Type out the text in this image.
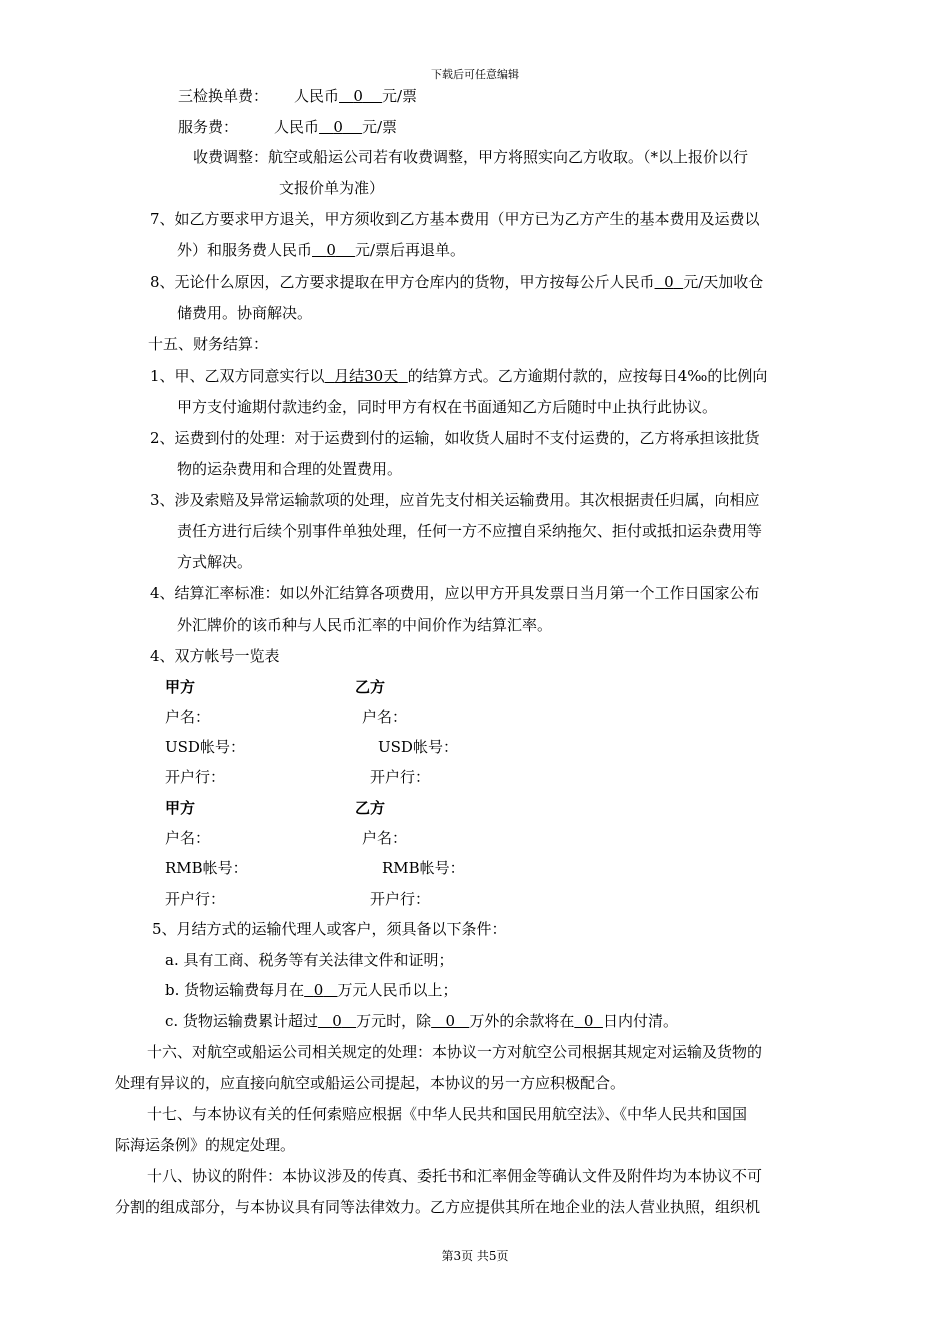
下载后可任意编辑
三检换单费： 人民币 0 元/票
服务费： 人民币 0 元/票
收费调整：航空或船运公司若有收费调整，甲方将照实向乙方收取。（*以上报价以行
文报价单为准）
7、如乙方要求甲方退关，甲方须收到乙方基本费用（甲方已为乙方产生的基本费用及运费以
外）和服务费人民币 0 元/票后再退单。
8、无论什么原因，乙方要求提取在甲方仓库内的货物，甲方按每公斤人民币 0 元/天加收仓
储费用。协商解决。
十五、财务结算：
1、甲、乙双方同意实行以 月结30天 的结算方式。乙方逾期付款的，应按每日4‰的比例向
甲方支付逾期付款违约金，同时甲方有权在书面通知乙方后随时中止执行此协议。
2、运费到付的处理：对于运费到付的运输，如收货人届时不支付运费的，乙方将承担该批货
物的运杂费用和合理的处置费用。
3、涉及索赔及异常运输款项的处理，应首先支付相关运输费用。其次根据责任归属，向相应
责任方进行后续个别事件单独处理，任何一方不应擅自采纳拖欠、拒付或抵扣运杂费用等
方式解决。
4、结算汇率标准：如以外汇结算各项费用，应以甲方开具发票日当月第一个工作日国家公布
外汇牌价的该币种与人民币汇率的中间价作为结算汇率。
4、双方帐号一览表
甲方	乙方
户名：	户名：
USD帐号：	USD帐号：
开户行：	开户行：
甲方	乙方
户名：	户名：
RMB帐号：	RMB帐号：
开户行：	开户行：
5、月结方式的运输代理人或客户，须具备以下条件：
a. 具有工商、税务等有关法律文件和证明；
b. 货物运输费每月在 0 万元人民币以上；
c. 货物运输费累计超过 0 万元时，除 0 万外的余款将在 0 日内付清。
十六、对航空或船运公司相关规定的处理：本协议一方对航空公司根据其规定对运输及货物的
处理有异议的，应直接向航空或船运公司提起，本协议的另一方应积极配合。
十七、与本协议有关的任何索赔应根据《中华人民共和国民用航空法》、《中华人民共和国国
际海运条例》的规定处理。
十八、协议的附件：本协议涉及的传真、委托书和汇率佣金等确认文件及附件均为本协议不可
分割的组成部分，与本协议具有同等法律效力。乙方应提供其所在地企业的法人营业执照，组织机
第3页 共5页
